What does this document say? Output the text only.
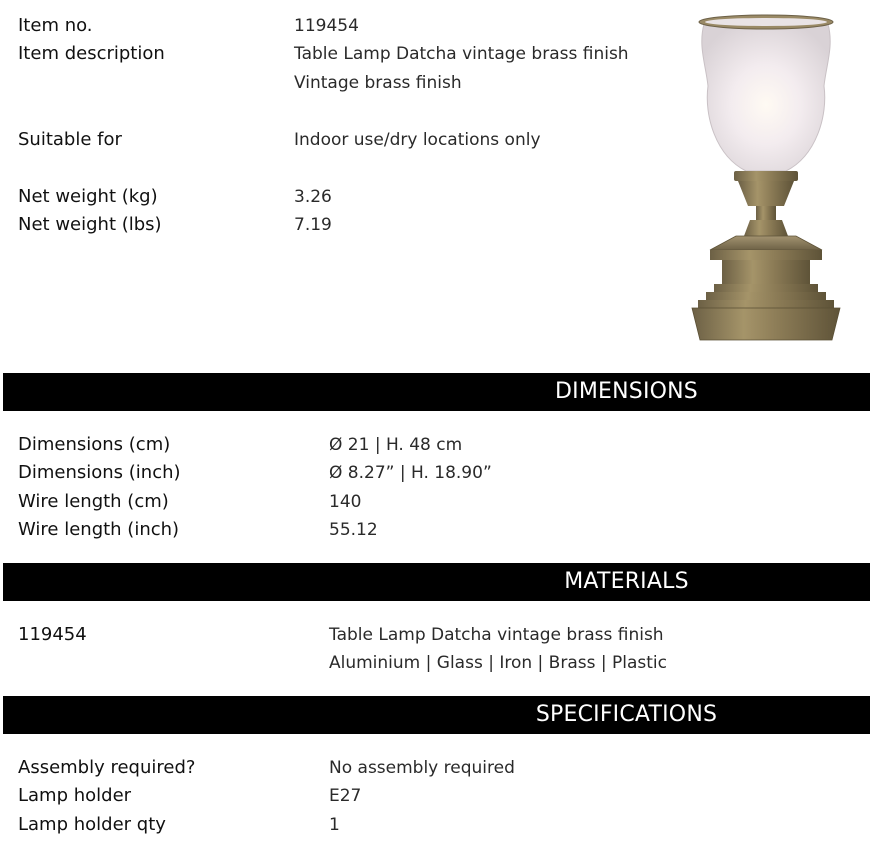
Item no.	119454
Item description	Table Lamp Datcha vintage brass finish
Vintage brass finish
Suitable for	Indoor use/dry locations only
Net weight (kg)	3.26
Net weight (lbs)	7.19
DIMENSIONS
Dimensions (cm)	Ø 21 | H. 48 cm
Dimensions (inch)	Ø 8.27” | H. 18.90”
Wire length (cm)	140
Wire length (inch)	55.12
MATERIALS
119454	Table Lamp Datcha vintage brass finish
Aluminium | Glass | Iron | Brass | Plastic
SPECIFICATIONS
Assembly required?	No assembly required
Lamp holder	E27
Lamp holder qty	1
